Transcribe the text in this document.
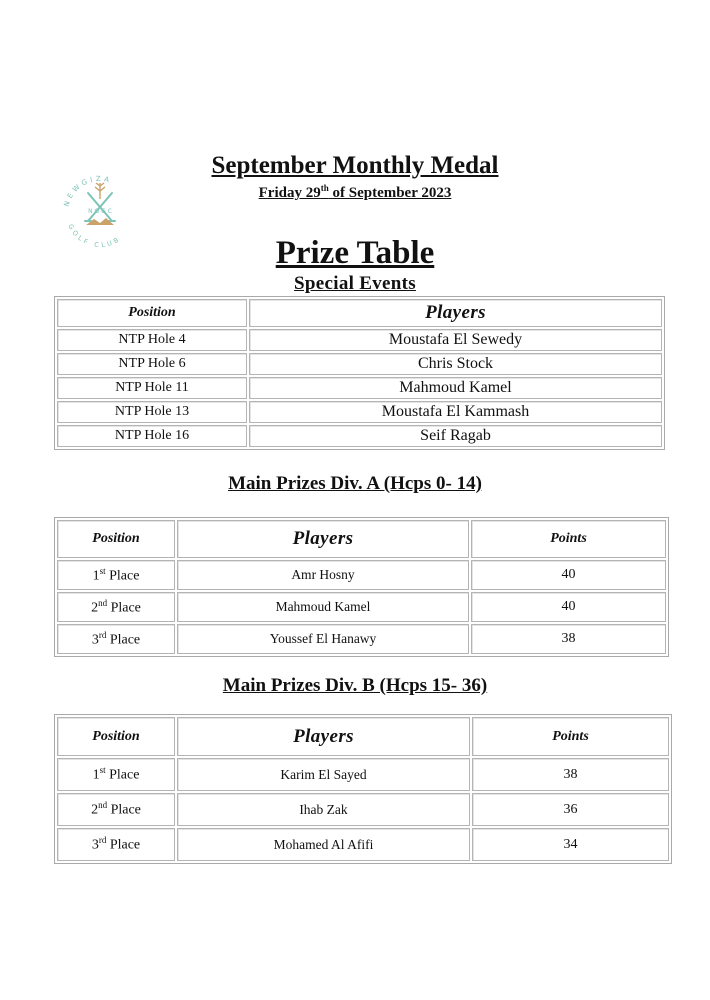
NEWGIZA
GOLF CLUB
N G G C
September Monthly Medal
Friday 29th of September 2023
Prize Table
Special Events
Position	Players
NTP Hole 4	Moustafa El Sewedy
NTP Hole 6	Chris Stock
NTP Hole 11	Mahmoud Kamel
NTP Hole 13	Moustafa El Kammash
NTP Hole 16	Seif Ragab
Main Prizes Div. A (Hcps 0- 14)
Position	Players	Points
1st Place	Amr Hosny	40
2nd Place	Mahmoud Kamel	40
3rd Place	Youssef El Hanawy	38
Main Prizes Div. B (Hcps 15- 36)
Position	Players	Points
1st Place	Karim El Sayed	38
2nd Place	Ihab Zak	36
3rd Place	Mohamed Al Afifi	34
